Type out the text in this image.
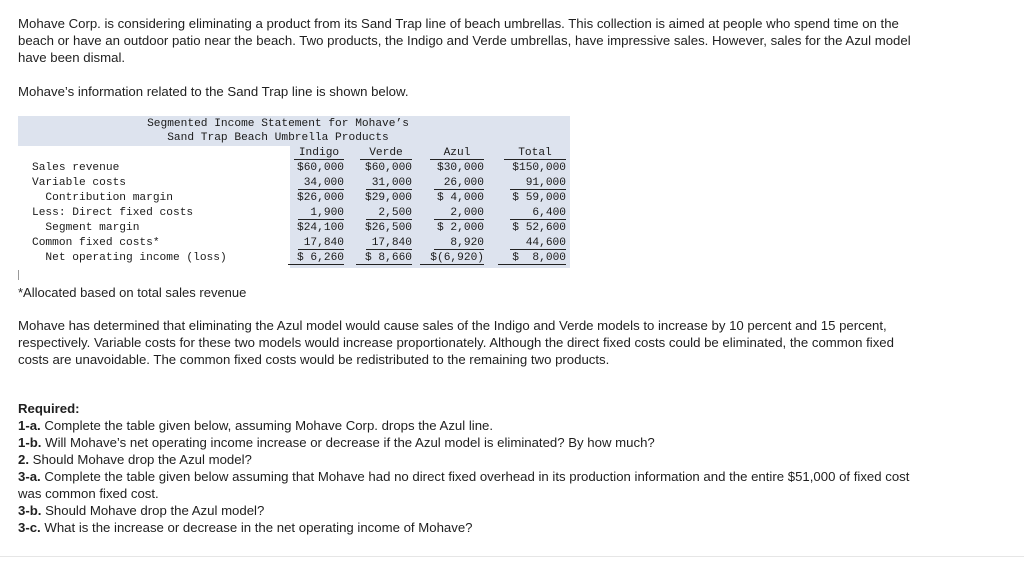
Mohave Corp. is considering eliminating a product from its Sand Trap line of beach umbrellas. This collection is aimed at people who spend time on the beach or have an outdoor patio near the beach. Two products, the Indigo and Verde umbrellas, have impressive sales. However, sales for the Azul model have been dismal.

Mohave’s information related to the Sand Trap line is shown below.

Segmented Income Statement for Mohave’s
Sand Trap Beach Umbrella Products
Indigo	Verde	Azul	Total
Sales revenue	$60,000	$60,000	$30,000	$150,000
Variable costs	34,000	31,000	26,000	91,000
Contribution margin	$26,000	$29,000	$ 4,000	$ 59,000
Less: Direct fixed costs	1,900	2,500	2,000	6,400
Segment margin	$24,100	$26,500	$ 2,000	$ 52,600
Common fixed costs*	17,840	17,840	8,920	44,600
Net operating income (loss)	$ 6,260	$ 8,660	$(6,920)	$  8,000

*Allocated based on total sales revenue

Mohave has determined that eliminating the Azul model would cause sales of the Indigo and Verde models to increase by 10 percent and 15 percent, respectively. Variable costs for these two models would increase proportionately. Although the direct fixed costs could be eliminated, the common fixed costs are unavoidable. The common fixed costs would be redistributed to the remaining two products.

Required:
1-a. Complete the table given below, assuming Mohave Corp. drops the Azul line.
1-b. Will Mohave’s net operating income increase or decrease if the Azul model is eliminated? By how much?
2. Should Mohave drop the Azul model?
3-a. Complete the table given below assuming that Mohave had no direct fixed overhead in its production information and the entire $51,000 of fixed cost was common fixed cost.
3-b. Should Mohave drop the Azul model?
3-c. What is the increase or decrease in the net operating income of Mohave?
